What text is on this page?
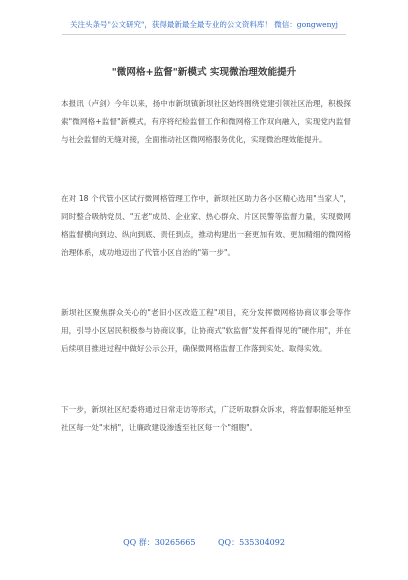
关注头条号"公文研究"，获得最新最全最专业的公文资料库！ 微信：gongwenyj
"微网格+监督"新模式 实现微治理效能提升
本报讯（卢剑）今年以来，扬中市新坝镇新坝社区始终围绕党建引领社区治理，积极探索"微网格+监督"新模式，有序将纪检监督工作和微网格工作双向融入，实现党内监督与社会监督的无缝对接，全面推动社区微网格服务优化，实现微治理效能提升。
在对 18 个代管小区试行微网格管理工作中，新坝社区助力各小区精心选用"当家人"，同时整合吸纳党员、"五老"成员、企业家、热心群众、片区民警等监督力量，实现微网格监督横向到边、纵向到底、责任到点，推动构建出一套更加有效、更加精细的微网格治理体系，成功地迈出了代管小区自治的"第一步"。
新坝社区聚焦群众关心的"老旧小区改造工程"项目，充分发挥微网格协商议事会等作用，引导小区居民积极参与协商议事，让协商式"软监督"发挥看得见的"硬作用"，并在后续项目推进过程中做好公示公开，确保微网格监督工作落到实处、取得实效。
下一步，新坝社区纪委将通过日常走访等形式，广泛听取群众诉求，将监督职能延伸至社区每一处"末梢"，让廉政建设渗透至社区每一个"细胞"。
QQ 群：30265665	QQ：535304092
